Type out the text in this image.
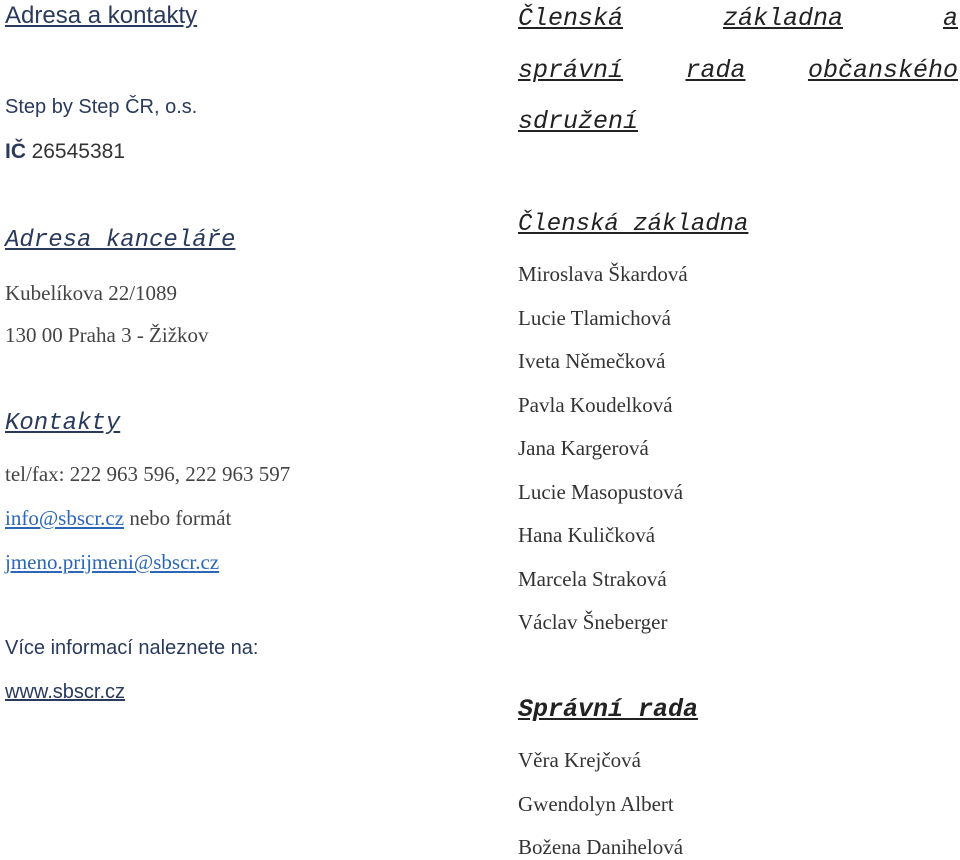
Adresa a kontakty
Step by Step ČR, o.s.
IČ 26545381
Adresa kanceláře
Kubelíkova 22/1089
130 00 Praha 3 - Žižkov
Kontakty
tel/fax: 222 963 596, 222 963 597
info@sbscr.cz nebo formát
jmeno.prijmeni@sbscr.cz
Více informací naleznete na:
www.sbscr.cz
Členská	základna	a
správní rada občanského
sdružení
Členská základna
Miroslava Škardová
Lucie Tlamichová
Iveta Němečková
Pavla Koudelková
Jana Kargerová
Lucie Masopustová
Hana Kuličková
Marcela Straková
Václav Šneberger
Správní rada
Věra Krejčová
Gwendolyn Albert
Božena Danihelová
